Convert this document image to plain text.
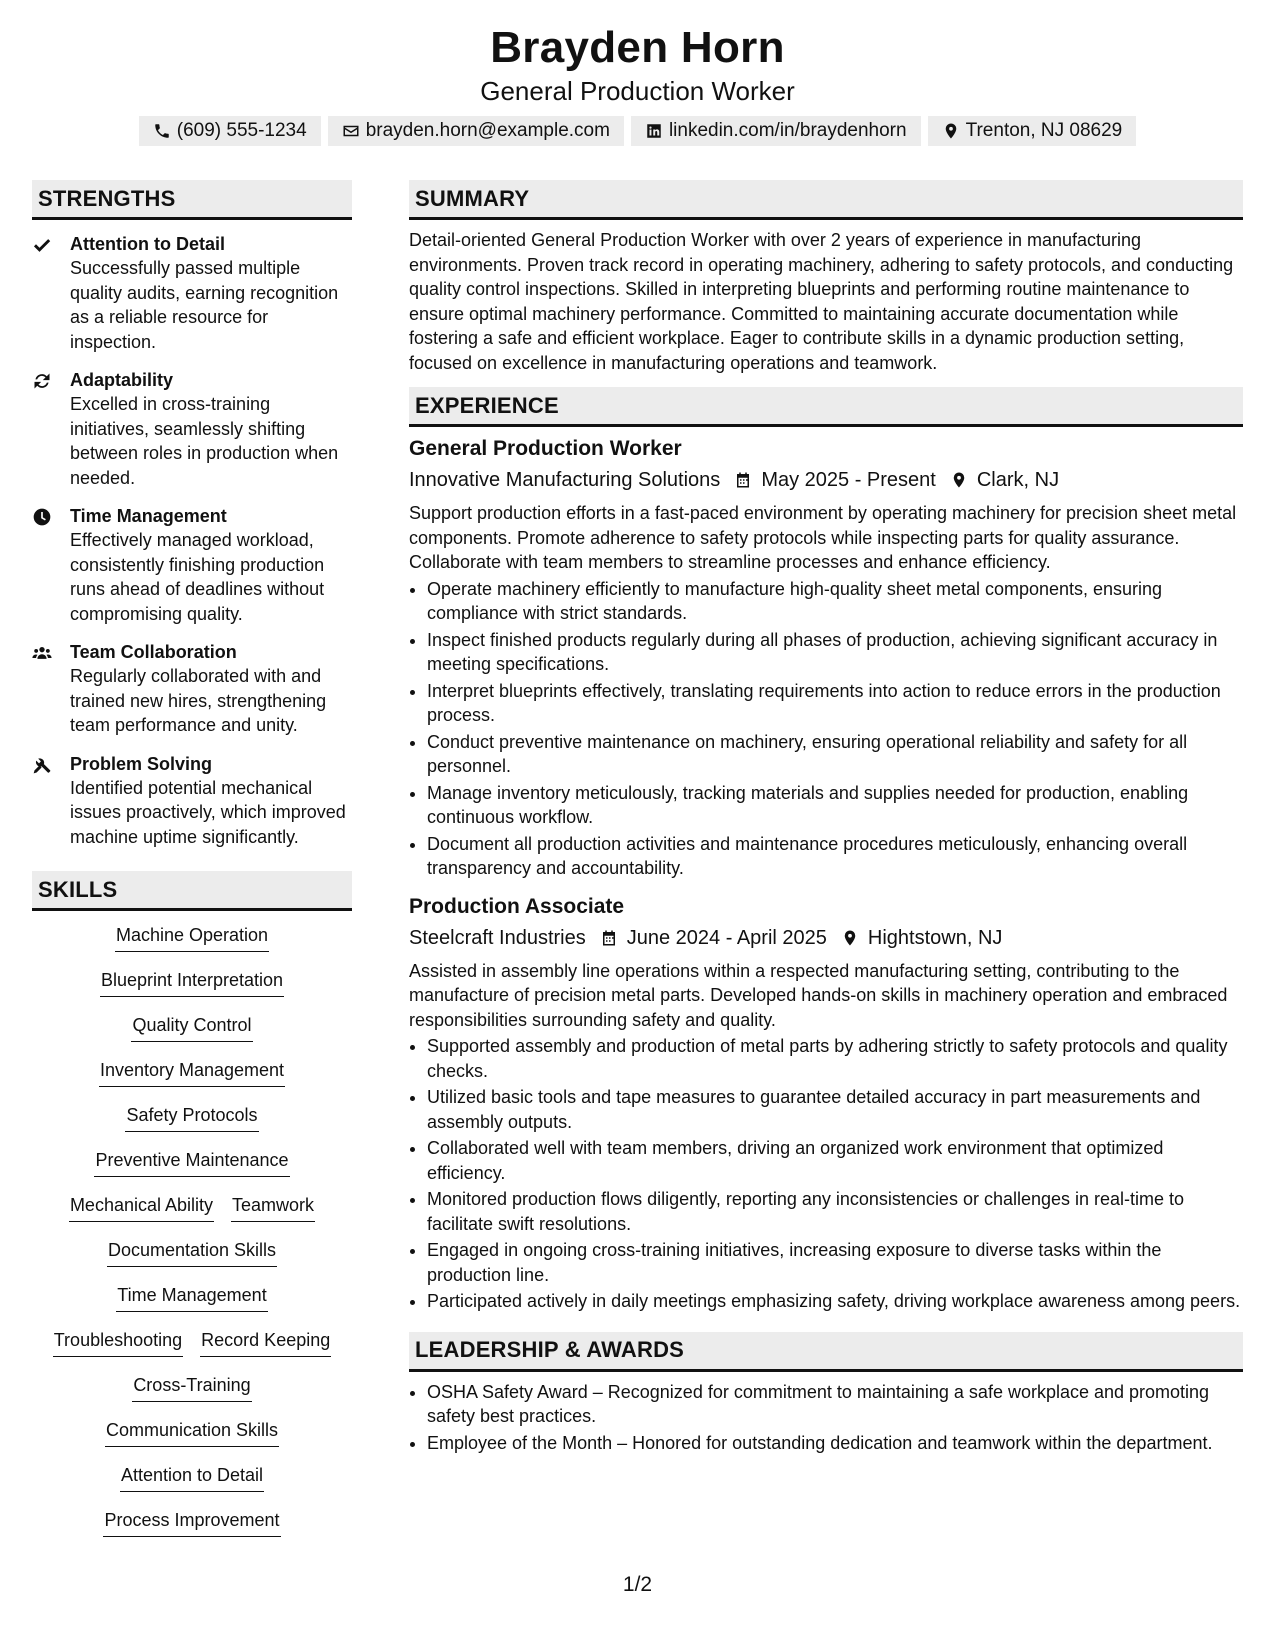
Brayden Horn
General Production Worker
(609) 555-1234	brayden.horn@example.com	linkedin.com/in/braydenhorn	Trenton, NJ 08629
STRENGTHS
Attention to Detail
Successfully passed multiple quality audits, earning recognition as a reliable resource for inspection.
Adaptability
Excelled in cross-training initiatives, seamlessly shifting between roles in production when needed.
Time Management
Effectively managed workload, consistently finishing production runs ahead of deadlines without compromising quality.
Team Collaboration
Regularly collaborated with and trained new hires, strengthening team performance and unity.
Problem Solving
Identified potential mechanical issues proactively, which improved machine uptime significantly.
SKILLS
Machine Operation
Blueprint Interpretation
Quality Control
Inventory Management
Safety Protocols
Preventive Maintenance
Mechanical Ability Teamwork
Documentation Skills
Time Management
Troubleshooting Record Keeping
Cross-Training
Communication Skills
Attention to Detail
Process Improvement
SUMMARY
Detail-oriented General Production Worker with over 2 years of experience in manufacturing environments. Proven track record in operating machinery, adhering to safety protocols, and conducting quality control inspections. Skilled in interpreting blueprints and performing routine maintenance to ensure optimal machinery performance. Committed to maintaining accurate documentation while fostering a safe and efficient workplace. Eager to contribute skills in a dynamic production setting, focused on excellence in manufacturing operations and teamwork.
EXPERIENCE
General Production Worker
Innovative Manufacturing Solutions May 2025 - Present Clark, NJ
Support production efforts in a fast-paced environment by operating machinery for precision sheet metal components. Promote adherence to safety protocols while inspecting parts for quality assurance. Collaborate with team members to streamline processes and enhance efficiency.
• Operate machinery efficiently to manufacture high-quality sheet metal components, ensuring compliance with strict standards.
• Inspect finished products regularly during all phases of production, achieving significant accuracy in meeting specifications.
• Interpret blueprints effectively, translating requirements into action to reduce errors in the production process.
• Conduct preventive maintenance on machinery, ensuring operational reliability and safety for all personnel.
• Manage inventory meticulously, tracking materials and supplies needed for production, enabling continuous workflow.
• Document all production activities and maintenance procedures meticulously, enhancing overall transparency and accountability.
Production Associate
Steelcraft Industries June 2024 - April 2025 Hightstown, NJ
Assisted in assembly line operations within a respected manufacturing setting, contributing to the manufacture of precision metal parts. Developed hands-on skills in machinery operation and embraced responsibilities surrounding safety and quality.
• Supported assembly and production of metal parts by adhering strictly to safety protocols and quality checks.
• Utilized basic tools and tape measures to guarantee detailed accuracy in part measurements and assembly outputs.
• Collaborated well with team members, driving an organized work environment that optimized efficiency.
• Monitored production flows diligently, reporting any inconsistencies or challenges in real-time to facilitate swift resolutions.
• Engaged in ongoing cross-training initiatives, increasing exposure to diverse tasks within the production line.
• Participated actively in daily meetings emphasizing safety, driving workplace awareness among peers.
LEADERSHIP & AWARDS
• OSHA Safety Award – Recognized for commitment to maintaining a safe workplace and promoting safety best practices.
• Employee of the Month – Honored for outstanding dedication and teamwork within the department.
1/2
